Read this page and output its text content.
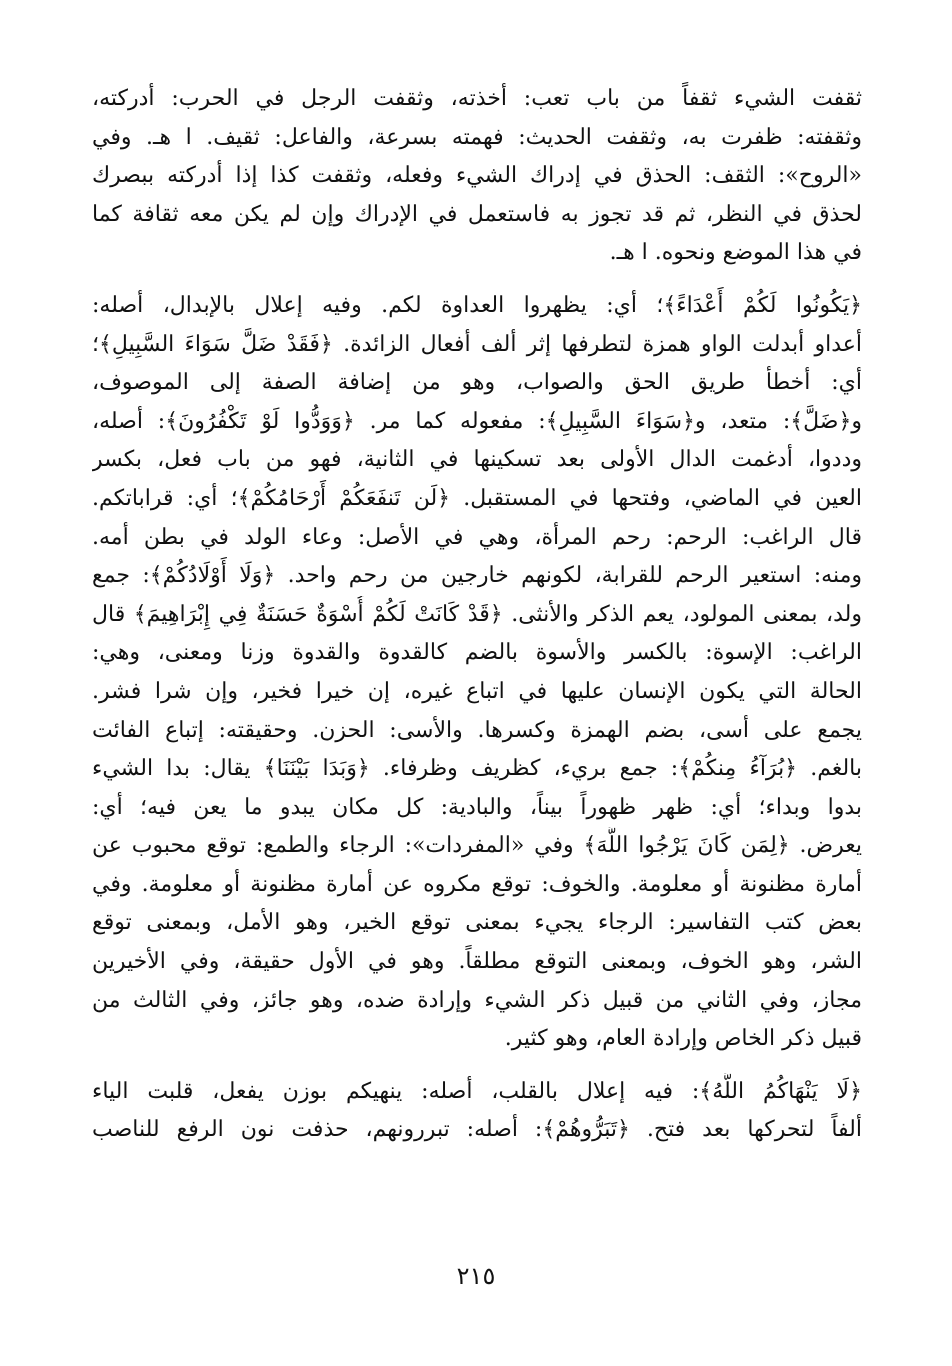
ثقفت الشيء ثقفاً من باب تعب: أخذته، وثقفت الرجل في الحرب: أدركته،
وثقفته: ظفرت به، وثقفت الحديث: فهمته بسرعة، والفاعل: ثقيف. ا هـ. وفي
«الروح»: الثقف: الحذق في إدراك الشيء وفعله، وثقفت كذا إذا أدركته ببصرك
لحذق في النظر، ثم قد تجوز به فاستعمل في الإدراك وإن لم يكن معه ثقافة كما
في هذا الموضع ونحوه. ا هـ.
﴿يَكُونُوا لَكُمْ أَعْدَاءً﴾؛ أي: يظهروا العداوة لكم. وفيه إعلال بالإبدال، أصله:
أعداو أبدلت الواو همزة لتطرفها إثر ألف أفعال الزائدة. ﴿فَقَدْ ضَلَّ سَوَاءَ السَّبِيلِ﴾؛
أي: أخطأ طريق الحق والصواب، وهو من إضافة الصفة إلى الموصوف،
و﴿ضَلَّ﴾: متعد، و﴿سَوَاءَ السَّبِيلِ﴾: مفعوله كما مر. ﴿وَوَدُّوا لَوْ تَكْفُرُونَ﴾: أصله،
وددوا، أدغمت الدال الأولى بعد تسكينها في الثانية، فهو من باب فعل، بكسر
العين في الماضي، وفتحها في المستقبل. ﴿لَن تَنفَعَكُمْ أَرْحَامُكُمْ﴾؛ أي: قراباتكم.
قال الراغب: الرحم: رحم المرأة، وهي في الأصل: وعاء الولد في بطن أمه.
ومنه: استعير الرحم للقرابة، لكونهم خارجين من رحم واحد. ﴿وَلَا أَوْلَادُكُمْ﴾: جمع
ولد، بمعنى المولود، يعم الذكر والأنثى. ﴿قَدْ كَانَتْ لَكُمْ أُسْوَةٌ حَسَنَةٌ فِي إِبْرَاهِيمَ﴾ قال
الراغب: الإسوة: بالكسر والأسوة بالضم كالقدوة والقدوة وزنا ومعنى، وهي:
الحالة التي يكون الإنسان عليها في اتباع غيره، إن خيرا فخير، وإن شرا فشر.
يجمع على أسى، بضم الهمزة وكسرها. والأسى: الحزن. وحقيقته: إتباع الفائت
بالغم. ﴿بُرَآءُ مِنكُمْ﴾: جمع بريء، كظريف وظرفاء. ﴿وَبَدَا بَيْنَنَا﴾ يقال: بدا الشيء
بدوا وبداء؛ أي: ظهر ظهوراً بيناً، والبادية: كل مكان يبدو ما يعن فيه؛ أي:
يعرض. ﴿لِمَن كَانَ يَرْجُوا اللَّهَ﴾ وفي «المفردات»: الرجاء والطمع: توقع محبوب عن
أمارة مظنونة أو معلومة. والخوف: توقع مكروه عن أمارة مظنونة أو معلومة. وفي
بعض كتب التفاسير: الرجاء يجيء بمعنى توقع الخير، وهو الأمل، وبمعنى توقع
الشر، وهو الخوف، وبمعنى التوقع مطلقاً. وهو في الأول حقيقة، وفي الأخيرين
مجاز، وفي الثاني من قبيل ذكر الشيء وإرادة ضده، وهو جائز، وفي الثالث من
قبيل ذكر الخاص وإرادة العام، وهو كثير.
﴿لَا يَنْهَاكُمُ اللَّهُ﴾: فيه إعلال بالقلب، أصله: ينهيكم بوزن يفعل، قلبت الياء
ألفاً لتحركها بعد فتح. ﴿تَبَرُّوهُمْ﴾: أصله: تبررونهم، حذفت نون الرفع للناصب
٢١٥
